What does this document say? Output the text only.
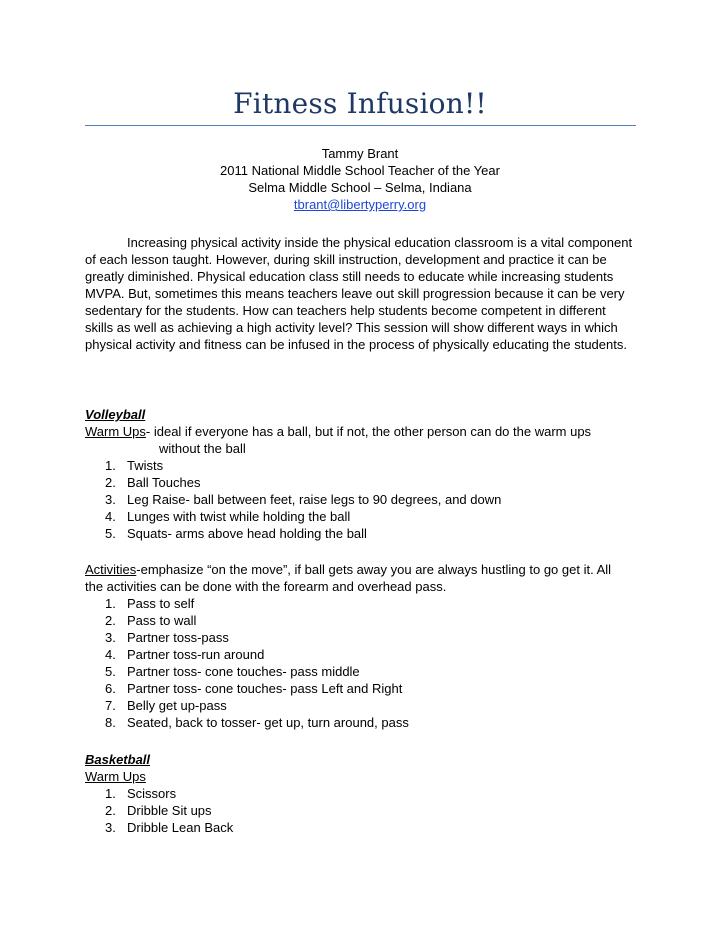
Fitness Infusion!!
Tammy Brant
2011 National Middle School Teacher of the Year
Selma Middle School – Selma, Indiana
tbrant@libertyperry.org
Increasing physical activity inside the physical education classroom is a vital component
of each lesson taught. However, during skill instruction, development and practice it can be
greatly diminished. Physical education class still needs to educate while increasing students
MVPA. But, sometimes this means teachers leave out skill progression because it can be very
sedentary for the students. How can teachers help students become competent in different
skills as well as achieving a high activity level? This session will show different ways in which
physical activity and fitness can be infused in the process of physically educating the students.
Volleyball
Warm Ups- ideal if everyone has a ball, but if not, the other person can do the warm ups
without the ball
1. Twists
2. Ball Touches
3. Leg Raise- ball between feet, raise legs to 90 degrees, and down
4. Lunges with twist while holding the ball
5. Squats- arms above head holding the ball
Activities-emphasize “on the move”, if ball gets away you are always hustling to go get it. All
the activities can be done with the forearm and overhead pass.
1. Pass to self
2. Pass to wall
3. Partner toss-pass
4. Partner toss-run around
5. Partner toss- cone touches- pass middle
6. Partner toss- cone touches- pass Left and Right
7. Belly get up-pass
8. Seated, back to tosser- get up, turn around, pass
Basketball
Warm Ups
1. Scissors
2. Dribble Sit ups
3. Dribble Lean Back
